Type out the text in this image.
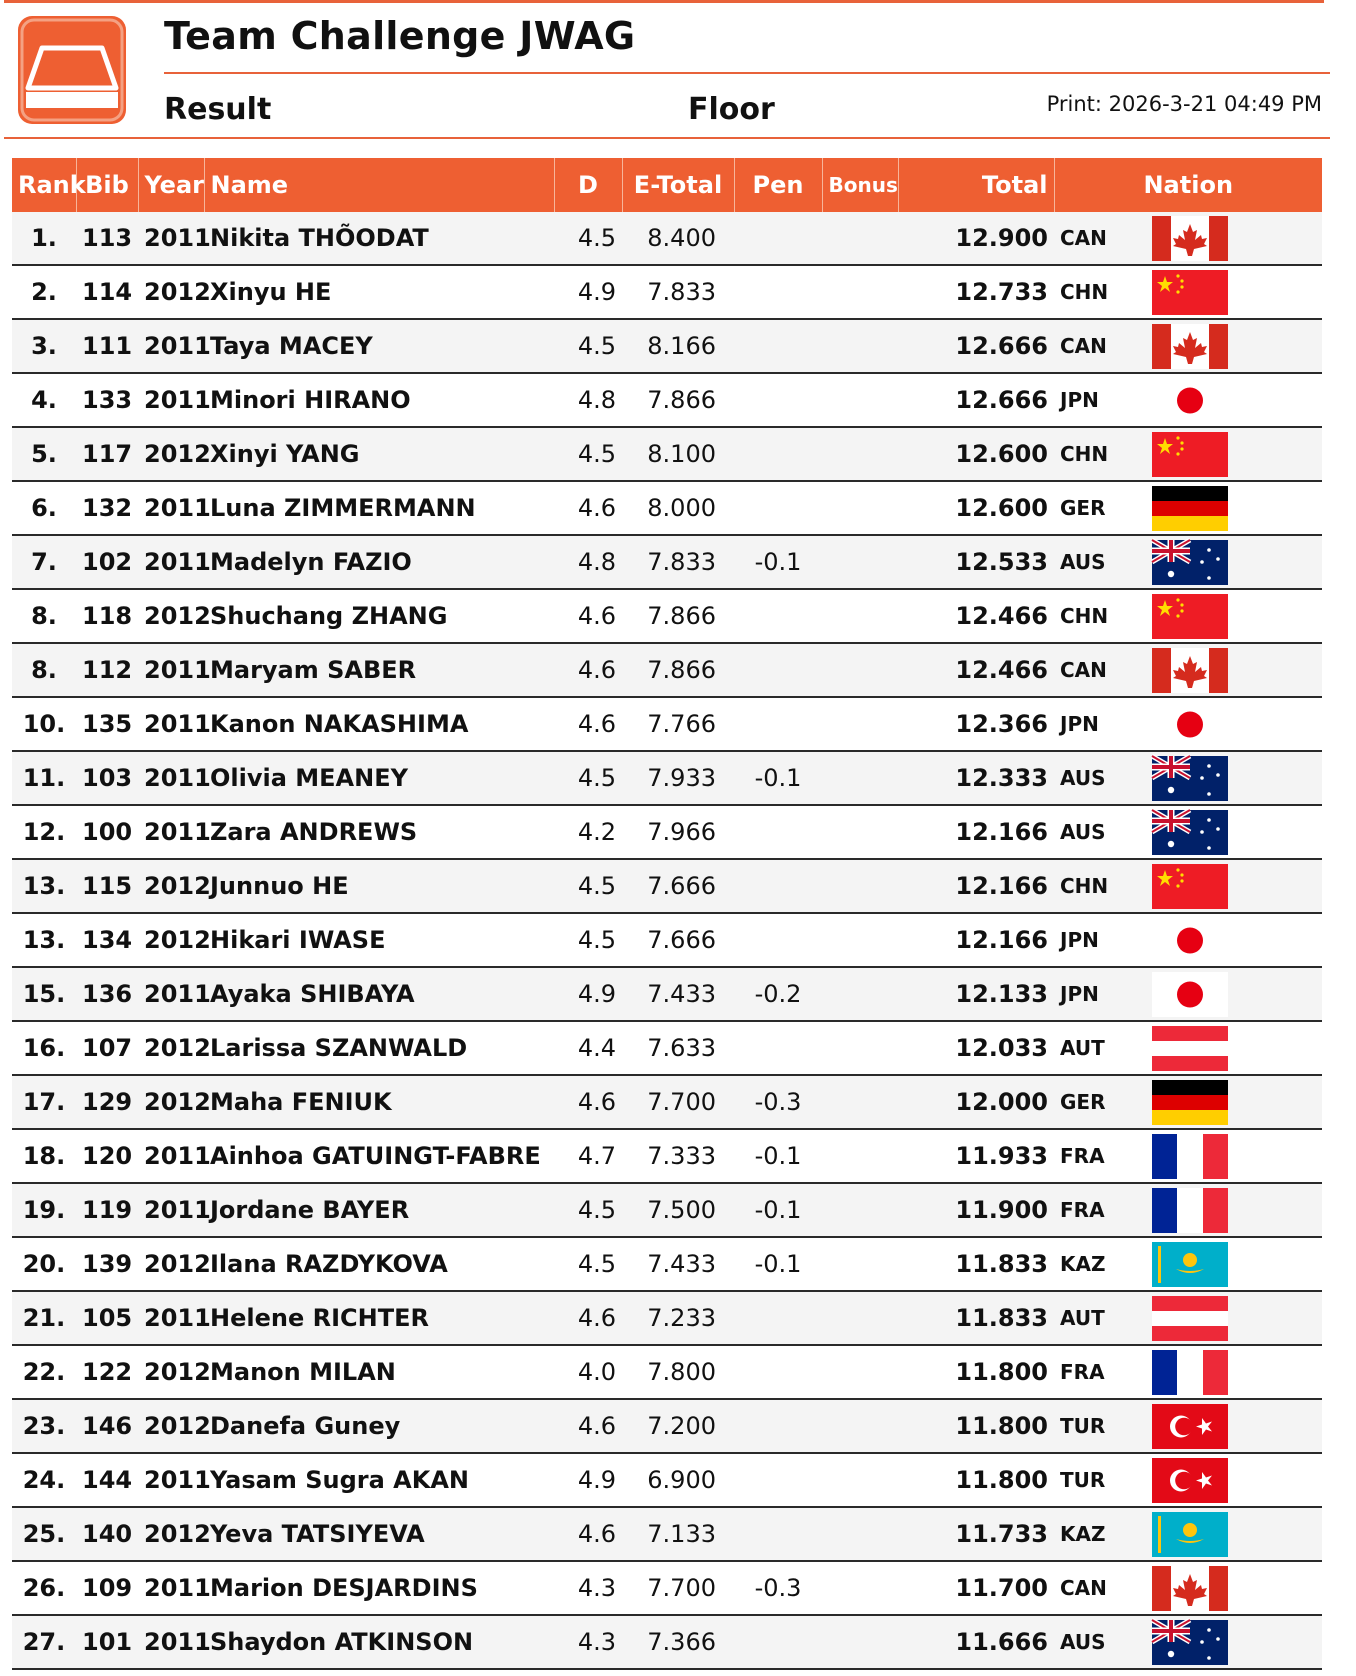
Team Challenge JWAG
Result	Floor	Print: 2026-3-21 04:49 PM
Rank	Bib	Year	Name	D	E-Total	Pen	Bonus	Total	Nation
1.	113	2011	Nikita THÕODAT	4.5	8.400			12.900	CAN

2.	114	2012	Xinyu HE	4.9	7.833			12.733	CHN

3.	111	2011	Taya MACEY	4.5	8.166			12.666	CAN

4.	133	2011	Minori HIRANO	4.8	7.866			12.666	JPN

5.	117	2012	Xinyi YANG	4.5	8.100			12.600	CHN

6.	132	2011	Luna ZIMMERMANN	4.6	8.000			12.600	GER

7.	102	2011	Madelyn FAZIO	4.8	7.833	-0.1		12.533	AUS

8.	118	2012	Shuchang ZHANG	4.6	7.866			12.466	CHN

8.	112	2011	Maryam SABER	4.6	7.866			12.466	CAN

10.	135	2011	Kanon NAKASHIMA	4.6	7.766			12.366	JPN

11.	103	2011	Olivia MEANEY	4.5	7.933	-0.1		12.333	AUS

12.	100	2011	Zara ANDREWS	4.2	7.966			12.166	AUS

13.	115	2012	Junnuo HE	4.5	7.666			12.166	CHN

13.	134	2012	Hikari IWASE	4.5	7.666			12.166	JPN

15.	136	2011	Ayaka SHIBAYA	4.9	7.433	-0.2		12.133	JPN

16.	107	2012	Larissa SZANWALD	4.4	7.633			12.033	AUT

17.	129	2012	Maha FENIUK	4.6	7.700	-0.3		12.000	GER

18.	120	2011	Ainhoa GATUINGT-FABRE	4.7	7.333	-0.1		11.933	FRA

19.	119	2011	Jordane BAYER	4.5	7.500	-0.1		11.900	FRA

20.	139	2012	Ilana RAZDYKOVA	4.5	7.433	-0.1		11.833	KAZ

21.	105	2011	Helene RICHTER	4.6	7.233			11.833	AUT

22.	122	2012	Manon MILAN	4.0	7.800			11.800	FRA

23.	146	2012	Danefa Guney	4.6	7.200			11.800	TUR

24.	144	2011	Yasam Sugra AKAN	4.9	6.900			11.800	TUR

25.	140	2012	Yeva TATSIYEVA	4.6	7.133			11.733	KAZ

26.	109	2011	Marion DESJARDINS	4.3	7.700	-0.3		11.700	CAN

27.	101	2011	Shaydon ATKINSON	4.3	7.366			11.666	AUS
